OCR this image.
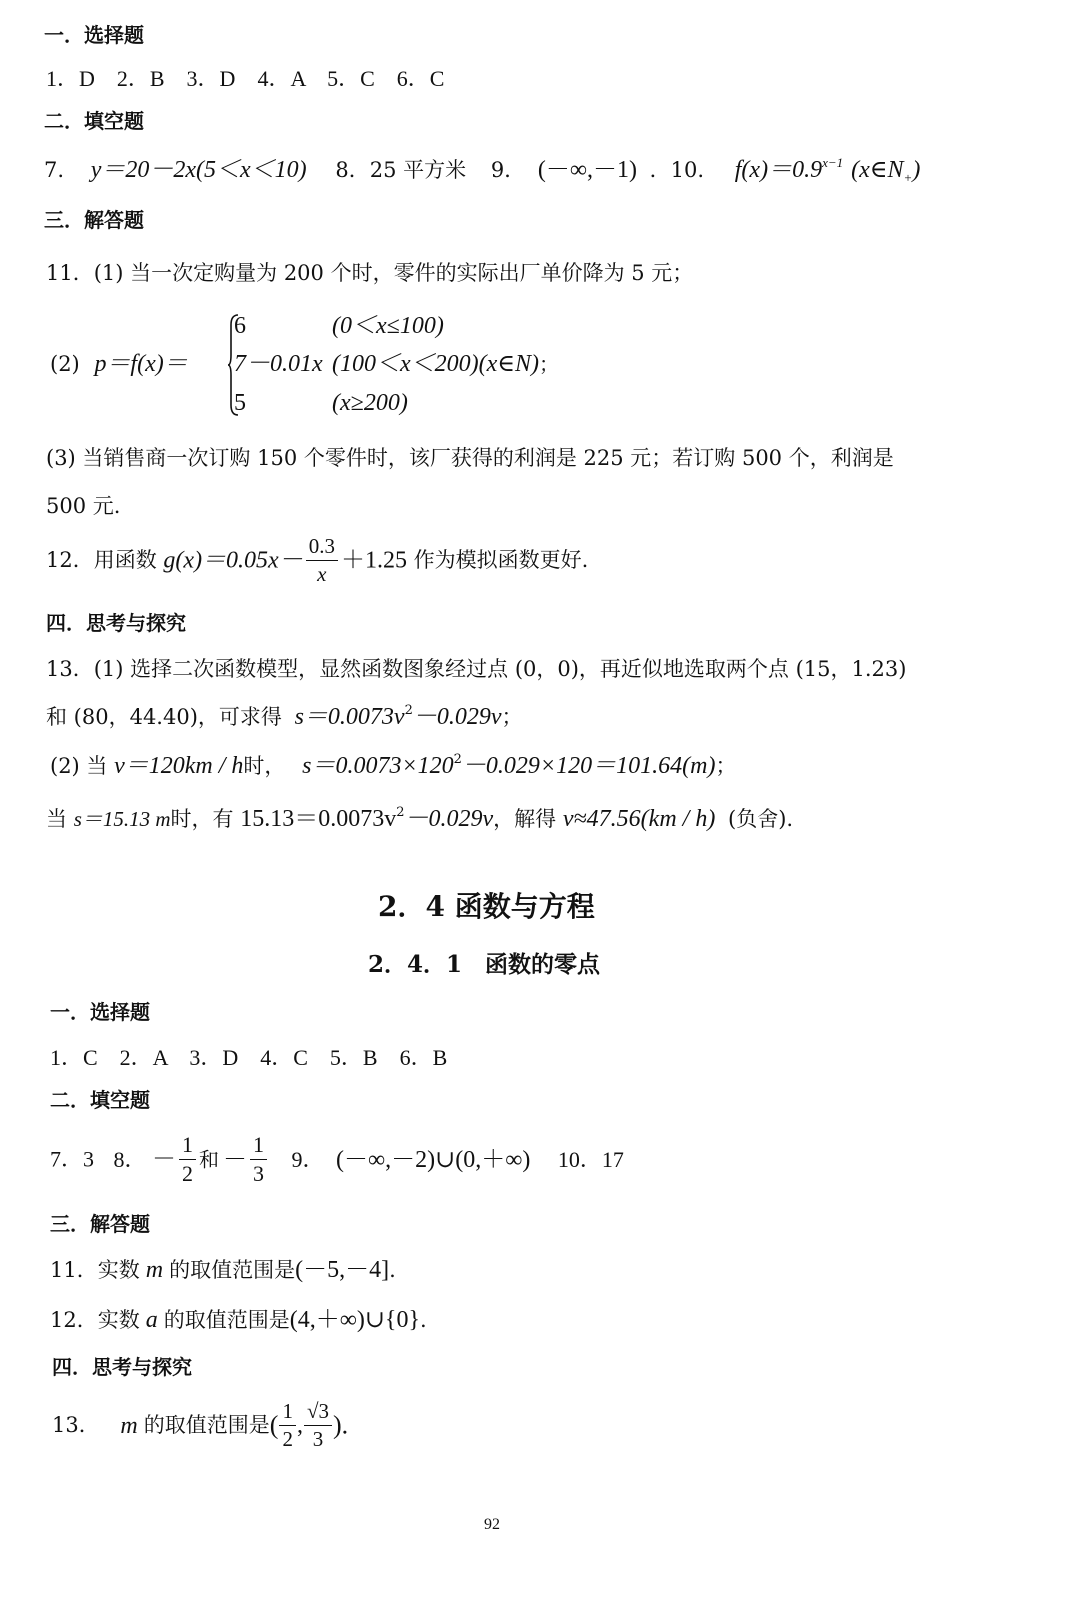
一．选择题
1．D　2．B　3．D　4．A　5．C　6．C
二．填空题
7. y＝20－2x(5＜x＜10) 8．25 平方米 9． (－∞,－1) ．10. $f(x)=0.9^{x-1}$ $(x\in N_+)$
三．解答题
11．(1) 当一次定购量为 200 个时，零件的实际出厂单价降为 5 元；
(2) p＝f(x)＝
6	(0＜x≤100)
7－0.01x (100＜x＜200)(x∈N)；
5	(x≥200)
(3) 当销售商一次订购 150 个零件时，该厂获得的利润是 225 元；若订购 500 个，利润是
500 元.
12．用函数 $g(x)=0.05x- \frac{0.3}{x} +1.25$ 作为模拟函数更好.
四．思考与探究
13．(1) 选择二次函数模型，显然函数图象经过点 (0，0)，再近似地选取两个点 (15，1.23)
和 (80，44.40)，可求得 $s=0.0073v^2-0.029v$；
(2) 当 v＝120km / h时， $s=0.0073\times 120^2-0.029\times 120=101.64(m)$；
当 s＝15.13 m时，有 $15.13=0.0073v^2-0.029v$，解得 v≈47.56(km / h) (负舍).
2．4 函数与方程
2．4．1　函数的零点
一．选择题
1．C　2．A　3．D　4．C　5．B　6．B
二．填空题
7．3 8． － $\frac{1}{2}$ 和 － $\frac{1}{3} 9$． (－∞,－2)∪(0,＋∞) 10．17
三．解答题
11．实数 m 的取值范围是(－5,－4].
12．实数 a 的取值范围是(4,＋∞)∪{0}.
四．思考与探究
13． m 的取值范围是( $\frac{1}{2}$ , $\frac{√3}{3}$ ).
92
